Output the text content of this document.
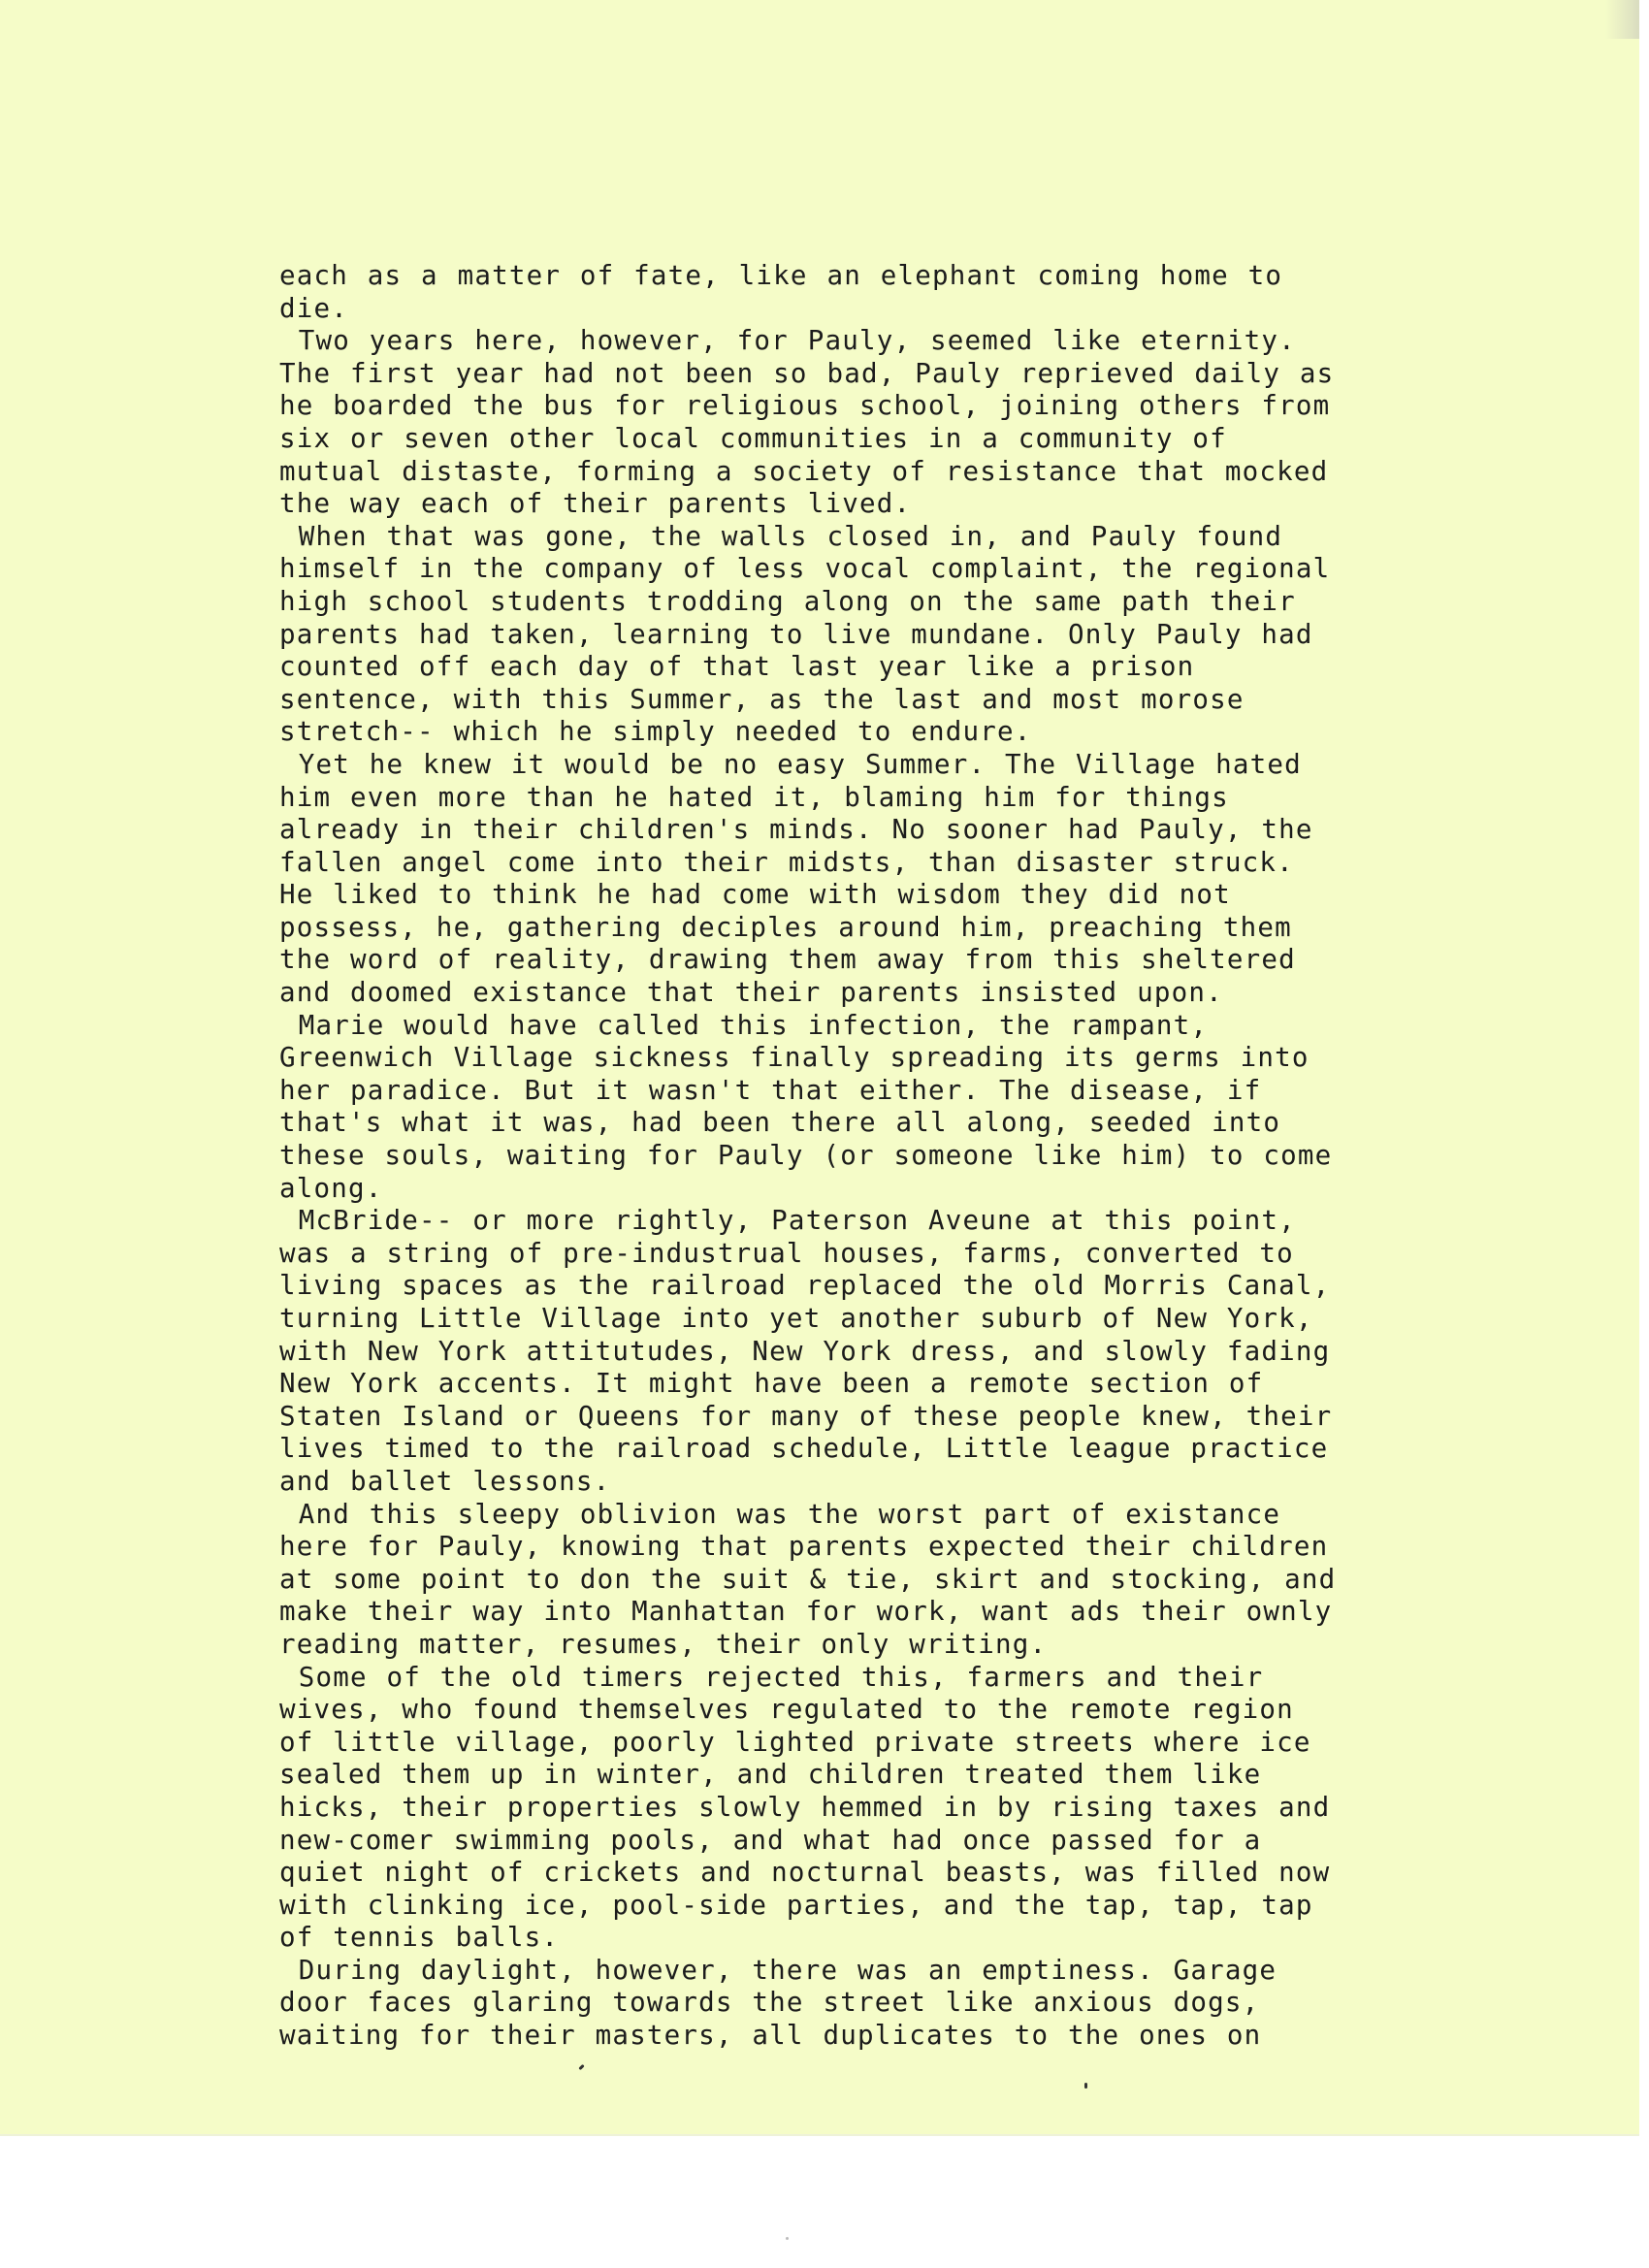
each as a matter of fate, like an elephant coming home to
die.
Two years here, however, for Pauly, seemed like eternity.
The first year had not been so bad, Pauly reprieved daily as
he boarded the bus for religious school, joining others from
six or seven other local communities in a community of
mutual distaste, forming a society of resistance that mocked
the way each of their parents lived.
When that was gone, the walls closed in, and Pauly found
himself in the company of less vocal complaint, the regional
high school students trodding along on the same path their
parents had taken, learning to live mundane. Only Pauly had
counted off each day of that last year like a prison
sentence, with this Summer, as the last and most morose
stretch-- which he simply needed to endure.
Yet he knew it would be no easy Summer. The Village hated
him even more than he hated it, blaming him for things
already in their children's minds. No sooner had Pauly, the
fallen angel come into their midsts, than disaster struck.
He liked to think he had come with wisdom they did not
possess, he, gathering deciples around him, preaching them
the word of reality, drawing them away from this sheltered
and doomed existance that their parents insisted upon.
Marie would have called this infection, the rampant,
Greenwich Village sickness finally spreading its germs into
her paradice. But it wasn't that either. The disease, if
that's what it was, had been there all along, seeded into
these souls, waiting for Pauly (or someone like him) to come
along.
McBride-- or more rightly, Paterson Aveune at this point,
was a string of pre-industrual houses, farms, converted to
living spaces as the railroad replaced the old Morris Canal,
turning Little Village into yet another suburb of New York,
with New York attitutudes, New York dress, and slowly fading
New York accents. It might have been a remote section of
Staten Island or Queens for many of these people knew, their
lives timed to the railroad schedule, Little league practice
and ballet lessons.
And this sleepy oblivion was the worst part of existance
here for Pauly, knowing that parents expected their children
at some point to don the suit & tie, skirt and stocking, and
make their way into Manhattan for work, want ads their ownly
reading matter, resumes, their only writing.
Some of the old timers rejected this, farmers and their
wives, who found themselves regulated to the remote region
of little village, poorly lighted private streets where ice
sealed them up in winter, and children treated them like
hicks, their properties slowly hemmed in by rising taxes and
new-comer swimming pools, and what had once passed for a
quiet night of crickets and nocturnal beasts, was filled now
with clinking ice, pool-side parties, and the tap, tap, tap
of tennis balls.
During daylight, however, there was an emptiness. Garage
door faces glaring towards the street like anxious dogs,
waiting for their masters, all duplicates to the ones on
